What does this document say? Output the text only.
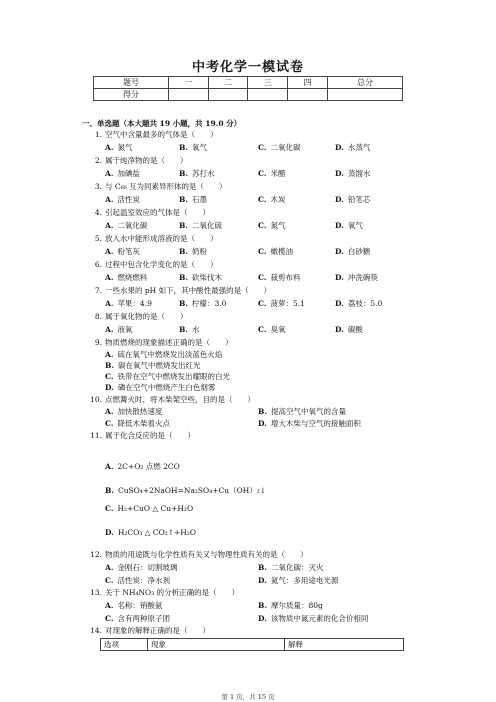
中考化学一模试卷
题号	一	二	三	四	总分
得分					
一、单选题（本大题共 19 小题，共 19.0 分）
1. 空气中含量最多的气体是（　　）
A. 氮气	B. 氧气	C. 二氧化碳	D. 水蒸气
2. 属于纯净物的是（　　）
A. 加碘盐	B. 苏打水	C. 米醋	D. 蒸馏水
3. 与 C₆₀ 互为同素异形体的是（　　）
A. 活性炭	B. 石墨	C. 木炭	D. 铅笔芯
4. 引起温室效应的气体是（　　）
A. 二氧化碳	B. 二氧化硫	C. 氮气	D. 氧气
5. 放入水中能形成溶液的是（　　）
A. 粉笔灰	B. 奶粉	C. 橄榄油	D. 白砂糖
6. 过程中包含化学变化的是（　　）
A. 燃烧燃料	B. 砍柴伐木	C. 裁剪布料	D. 冲洗碗筷
7. 一些水果的 pH 如下，其中酸性最强的是（　　）
A. 苹果：4.9	B. 柠檬：3.0	C. 菠萝：5.1	D. 荔枝：5.0
8. 属于氧化物的是（　　）
A. 液氧	B. 水	C. 臭氧	D. 碳酸
9. 物质燃烧的现象描述正确的是（　　）
A. 硫在氧气中燃烧发出淡蓝色火焰
B. 碳在氧气中燃烧发出红光
C. 铁带在空气中燃烧发出耀眼的白光
D. 磷在空气中燃烧产生白色烟雾
10. 点燃篝火时，将木柴架空些，目的是（　　）
A. 加快散热速度	B. 提高空气中氧气的含量
C. 降低木柴着火点	D. 增大木柴与空气的接触面积
11. 属于化合反应的是（　　）
A. 2C+O₂ 点燃 2CO
B. CuSO₄+2NaOH=Na₂SO₄+Cu（OH）₂↓
C. H₂+CuO △ Cu+H₂O
D. H₂CO₃ △ CO₂↑+H₂O
12. 物质的用途既与化学性质有关又与物理性质有关的是（　　）
A. 金刚石：切割玻璃	B. 二氧化碳：灭火
C. 活性炭：净水剂	D. 氦气：多用途电光源
13. 关于 NH₄NO₃ 的分析正确的是（　　）
A. 名称：销酸氨	B. 摩尔质量：80g
C. 含有两种原子团	D. 该物质中氮元素的化合价相同
14. 对现象的解释正确的是（　　）
选项	现象	解释
第 1 页，共 15 页
